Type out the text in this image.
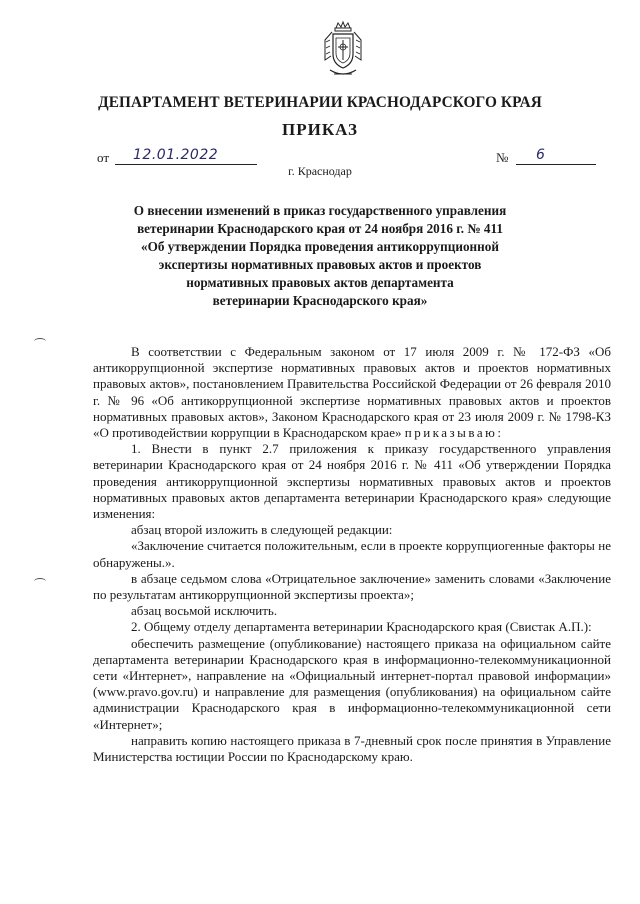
ДЕПАРТАМЕНТ ВЕТЕРИНАРИИ КРАСНОДАРСКОГО КРАЯ
ПРИКАЗ
от 12.01.2022	№ 6
г. Краснодар
О внесении изменений в приказ государственного управления
ветеринарии Краснодарского края от 24 ноября 2016 г. № 411
«Об утверждении Порядка проведения антикоррупционной
экспертизы нормативных правовых актов и проектов
нормативных правовых актов департамента
ветеринарии Краснодарского края»

В соответствии с Федеральным законом от 17 июля 2009 г. № 172-ФЗ «Об антикоррупционной экспертизе нормативных правовых актов и проектов нормативных правовых актов», постановлением Правительства Российской Федерации от 26 февраля 2010 г. № 96 «Об антикоррупционной экспертизе нормативных правовых актов и проектов нормативных правовых актов», Законом Краснодарского края от 23 июля 2009 г. № 1798-КЗ «О противодействии коррупции в Краснодарском крае» приказываю:

1. Внести в пункт 2.7 приложения к приказу государственного управления ветеринарии Краснодарского края от 24 ноября 2016 г. № 411 «Об утверждении Порядка проведения антикоррупционной экспертизы нормативных правовых актов и проектов нормативных правовых актов департамента ветеринарии Краснодарского края» следующие изменения:

абзац второй изложить в следующей редакции:

«Заключение считается положительным, если в проекте коррупциогенные факторы не обнаружены.».

в абзаце седьмом слова «Отрицательное заключение» заменить словами «Заключение по результатам антикоррупционной экспертизы проекта»;

абзац восьмой исключить.

2. Общему отделу департамента ветеринарии Краснодарского края (Свистак А.П.):

обеспечить размещение (опубликование) настоящего приказа на официальном сайте департамента ветеринарии Краснодарского края в информационно-телекоммуникационной сети «Интернет», направление на «Официальный интернет-портал правовой информации» (www.pravo.gov.ru) и направление для размещения (опубликования) на официальном сайте администрации Краснодарского края в информационно-телекоммуникационной сети «Интернет»;

направить копию настоящего приказа в 7-дневный срок после принятия в Управление Министерства юстиции России по Краснодарскому краю.
